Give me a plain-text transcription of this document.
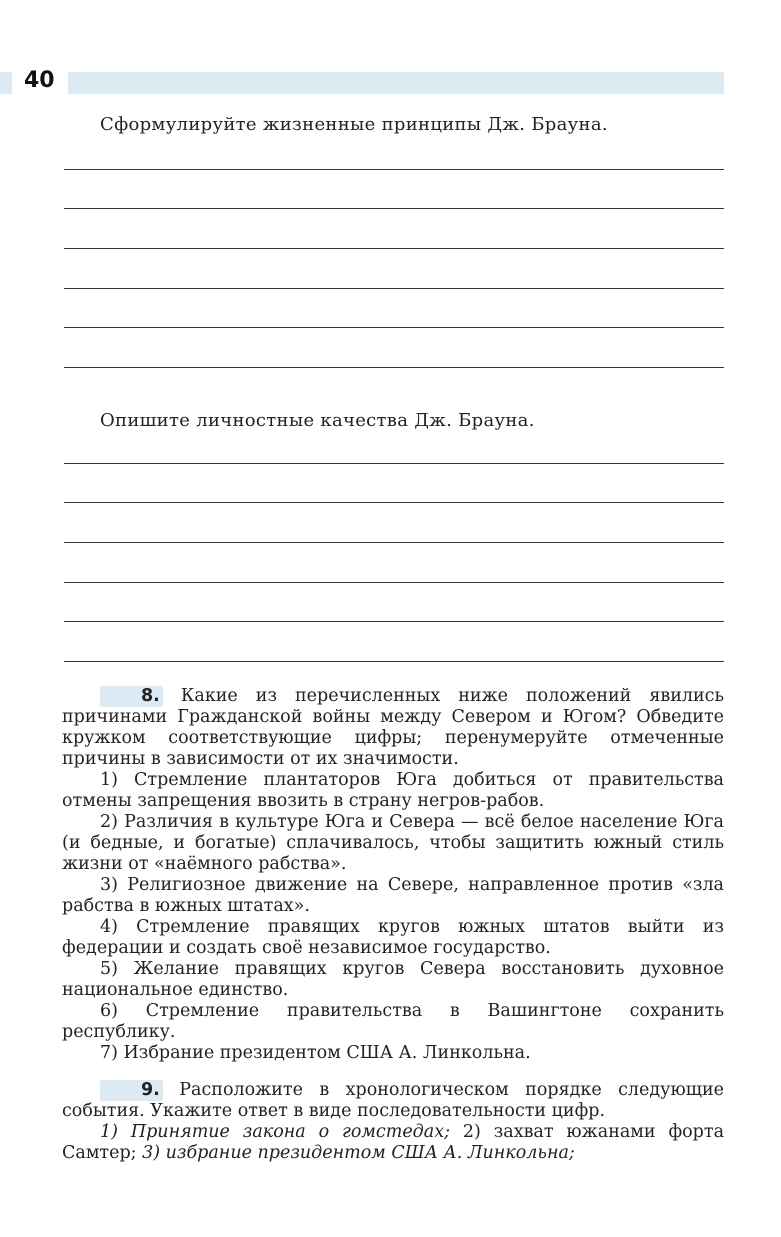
40
Сформулируйте жизненные принципы Дж. Брауна.
Опишите личностные качества Дж. Брауна.

8. Какие из перечисленных ниже положений явились причинами Гражданской войны между Севером и Югом? Обведите кружком соответствующие цифры; перенумеруйте отмеченные причины в зависимости от их значимости.

1) Стремление плантаторов Юга добиться от правительства отмены запрещения ввозить в страну негров-рабов.

2) Различия в культуре Юга и Севера — всё белое население Юга (и бедные, и богатые) сплачивалось, чтобы защитить южный стиль жизни от «наёмного рабства».

3) Религиозное движение на Севере, направленное против «зла рабства в южных штатах».

4) Стремление правящих кругов южных штатов выйти из федерации и создать своё независимое государство.

5) Желание правящих кругов Севера восстановить духовное национальное единство.

6) Стремление правительства в Вашингтоне сохранить республику.

7) Избрание президентом США А. Линкольна.

9. Расположите в хронологическом порядке следующие события. Укажите ответ в виде последовательности цифр.

1) Принятие закона о гомстедах; 2) захват южанами форта Самтер; 3) избрание президентом США А. Линкольна;
